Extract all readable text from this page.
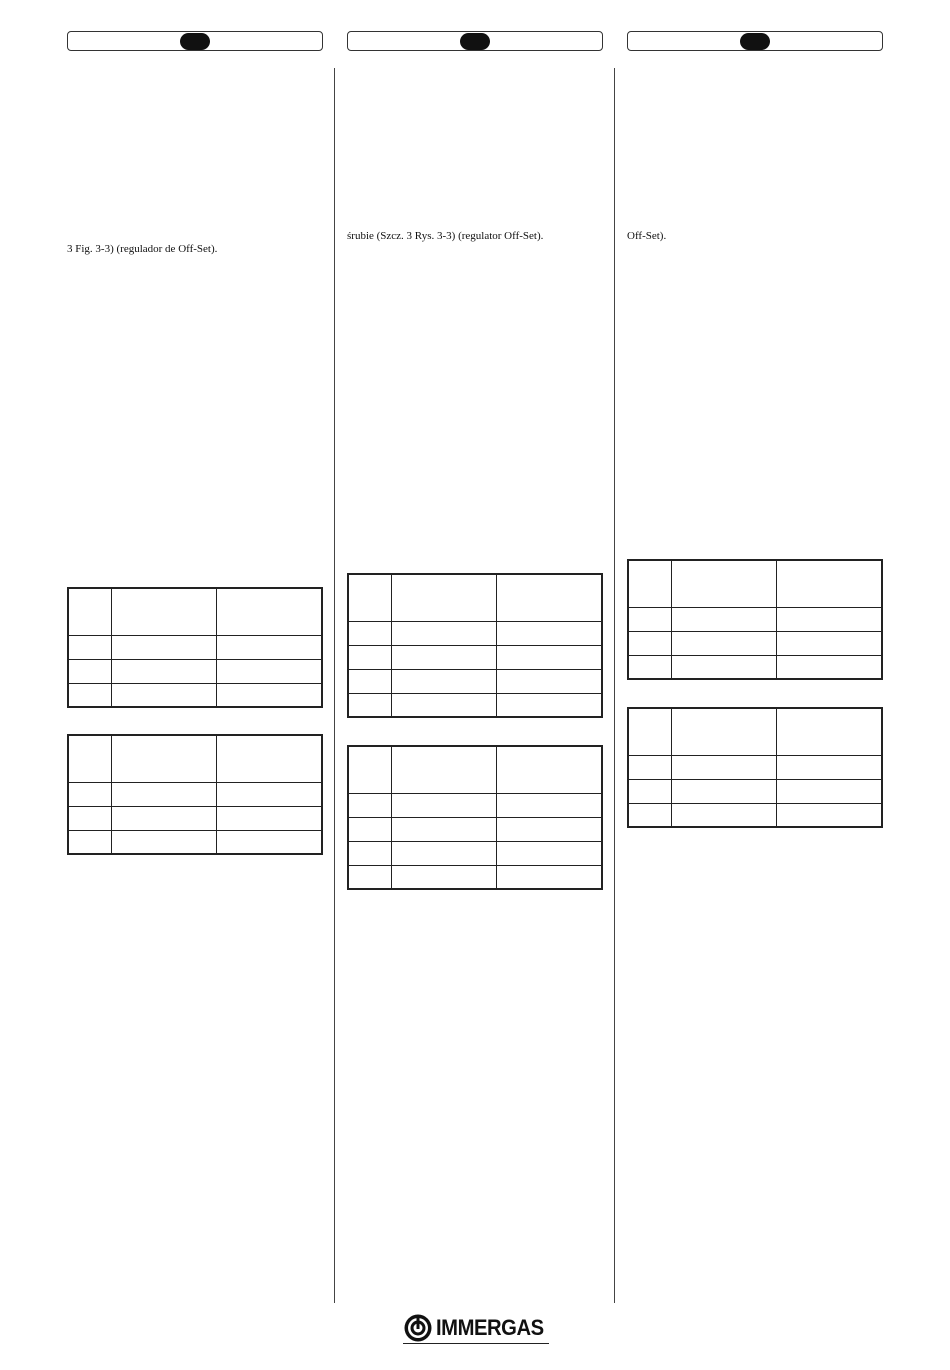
3 Fig. 3-3) (regulador de Off-Set).
śrubie (Szcz. 3 Rys. 3-3) (regulator Off-Set).	Off-Set).

IMMERGAS
